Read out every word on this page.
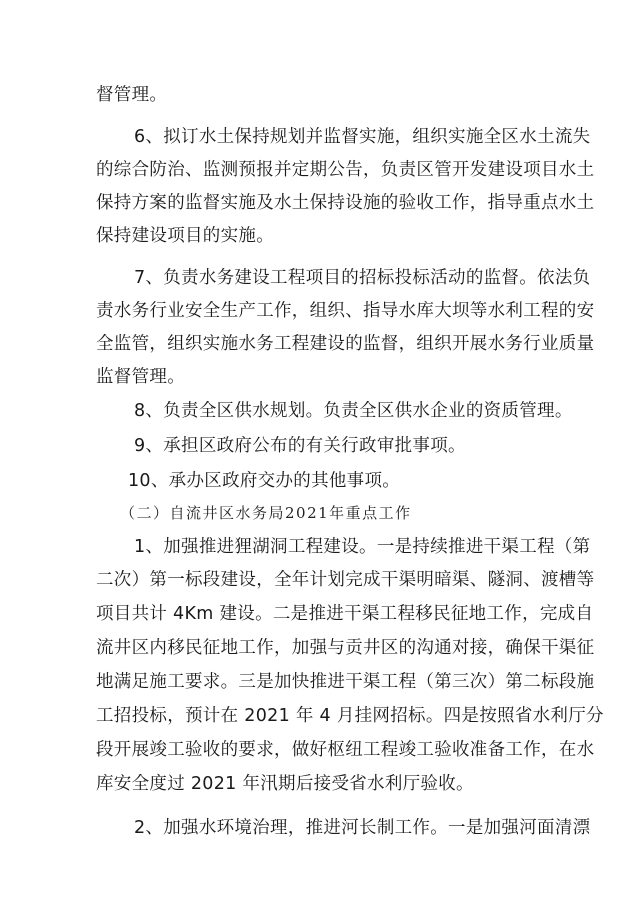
督管理。
6、拟订水土保持规划并监督实施，组织实施全区水土流失
的综合防治、监测预报并定期公告，负责区管开发建设项目水土
保持方案的监督实施及水土保持设施的验收工作，指导重点水土
保持建设项目的实施。
7、负责水务建设工程项目的招标投标活动的监督。依法负
责水务行业安全生产工作，组织、指导水库大坝等水利工程的安
全监管，组织实施水务工程建设的监督，组织开展水务行业质量
监督管理。
8、负责全区供水规划。负责全区供水企业的资质管理。
9、承担区政府公布的有关行政审批事项。
10、承办区政府交办的其他事项。
（二）自流井区水务局2021年重点工作
1、加强推进狸湖洞工程建设。一是持续推进干渠工程（第
二次）第一标段建设，全年计划完成干渠明暗渠、隧洞、渡槽等
项目共计 4Km 建设。二是推进干渠工程移民征地工作，完成自
流井区内移民征地工作，加强与贡井区的沟通对接，确保干渠征
地满足施工要求。三是加快推进干渠工程（第三次）第二标段施
工招投标，预计在 2021 年 4 月挂网招标。四是按照省水利厅分
段开展竣工验收的要求，做好枢纽工程竣工验收准备工作，在水
库安全度过 2021 年汛期后接受省水利厅验收。
2、加强水环境治理，推进河长制工作。一是加强河面清漂
